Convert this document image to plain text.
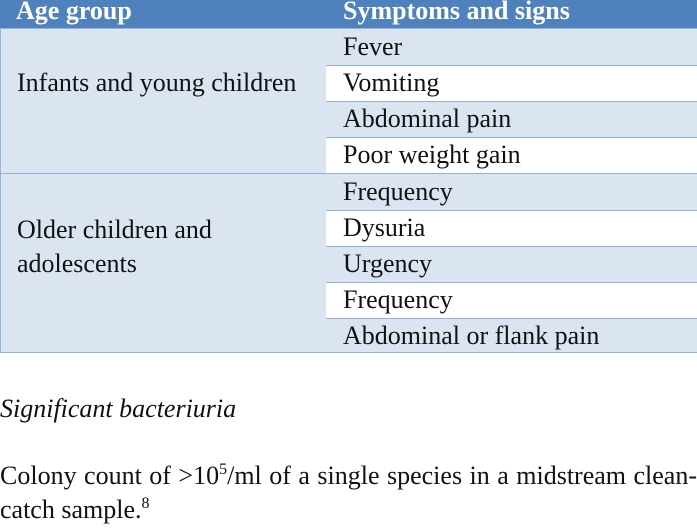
Age group	Symptoms and signs
Infants and young children
Fever
Vomiting
Abdominal pain
Poor weight gain
Older children and adolescents
Frequency
Dysuria
Urgency
Frequency
Abdominal or flank pain
Significant bacteriuria
Colony count of $>10^5/ml$ of a single species in a midstream clean-catch sample.$^8$
